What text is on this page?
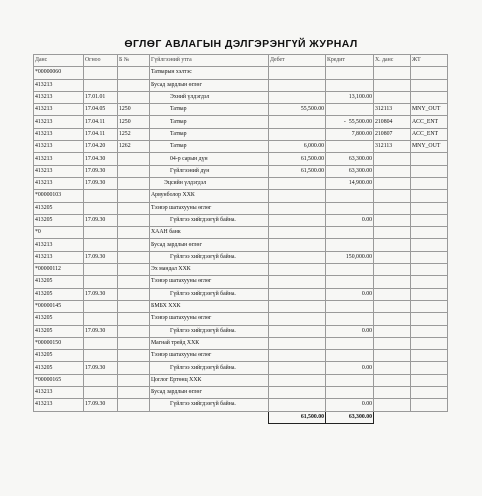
ӨГЛӨГ АВЛАГЫН ДЭЛГЭРЭНГҮЙ ЖУРНАЛ
Данс	Огноо	Б №	Гүйлгээний утга	Дебет	Кредит	Х. данс	ЖТ
*00000060			Татварын хэлтэс				
413213			Бусад зардлын өглөг				
413213	17.01.01		Эхний үлдэгдэл		13,100.00		
413213	17.04.05	1250	Татвар	55,500.00		312113	MNY_OUT
413213	17.04.11	1250	Татвар		- 55,500.00	210804	ACC_ENT
413213	17.04.11	1252	Татвар		7,800.00	210807	ACC_ENT
413213	17.04.20	1262	Татвар	6,000.00		312113	MNY_OUT
413213	17.04.30		04-р сарын дүн	61,500.00	63,300.00		
413213	17.09.30		Гүйлгээний дүн	61,500.00	63,300.00		
413213	17.09.30		Эцсийн үлдэгдэл		14,900.00		
*00000103			Арвунболор ХХК				
413205			Тээвэр шатахууны өглөг				
413205	17.09.30		Гүйлгээ хийгдээгүй байна.		0.00		
*0			ХААН банк				
413213			Бусад зардлын өглөг				
413213	17.09.30		Гүйлгээ хийгдээгүй байна.		150,000.00		
*00000112			Эх мандал ХХК				
413205			Тээвэр шатахууны өглөг				
413205	17.09.30		Гүйлгээ хийгдээгүй байна.		0.00		
*00000145			БМБХ ХХК				
413205			Тээвэр шатахууны өглөг				
413205	17.09.30		Гүйлгээ хийгдээгүй байна.		0.00		
*00000150			Магнай трейд ХХК				
413205			Тээвэр шатахууны өглөг				
413205	17.09.30		Гүйлгээ хийгдээгүй байна.		0.00		
*00000165			Цоглог Ертөнц ХХК				
413213			Бусад зардлын өглөг				
413213	17.09.30		Гүйлгээ хийгдээгүй байна.		0.00		
				61,500.00	63,300.00		
